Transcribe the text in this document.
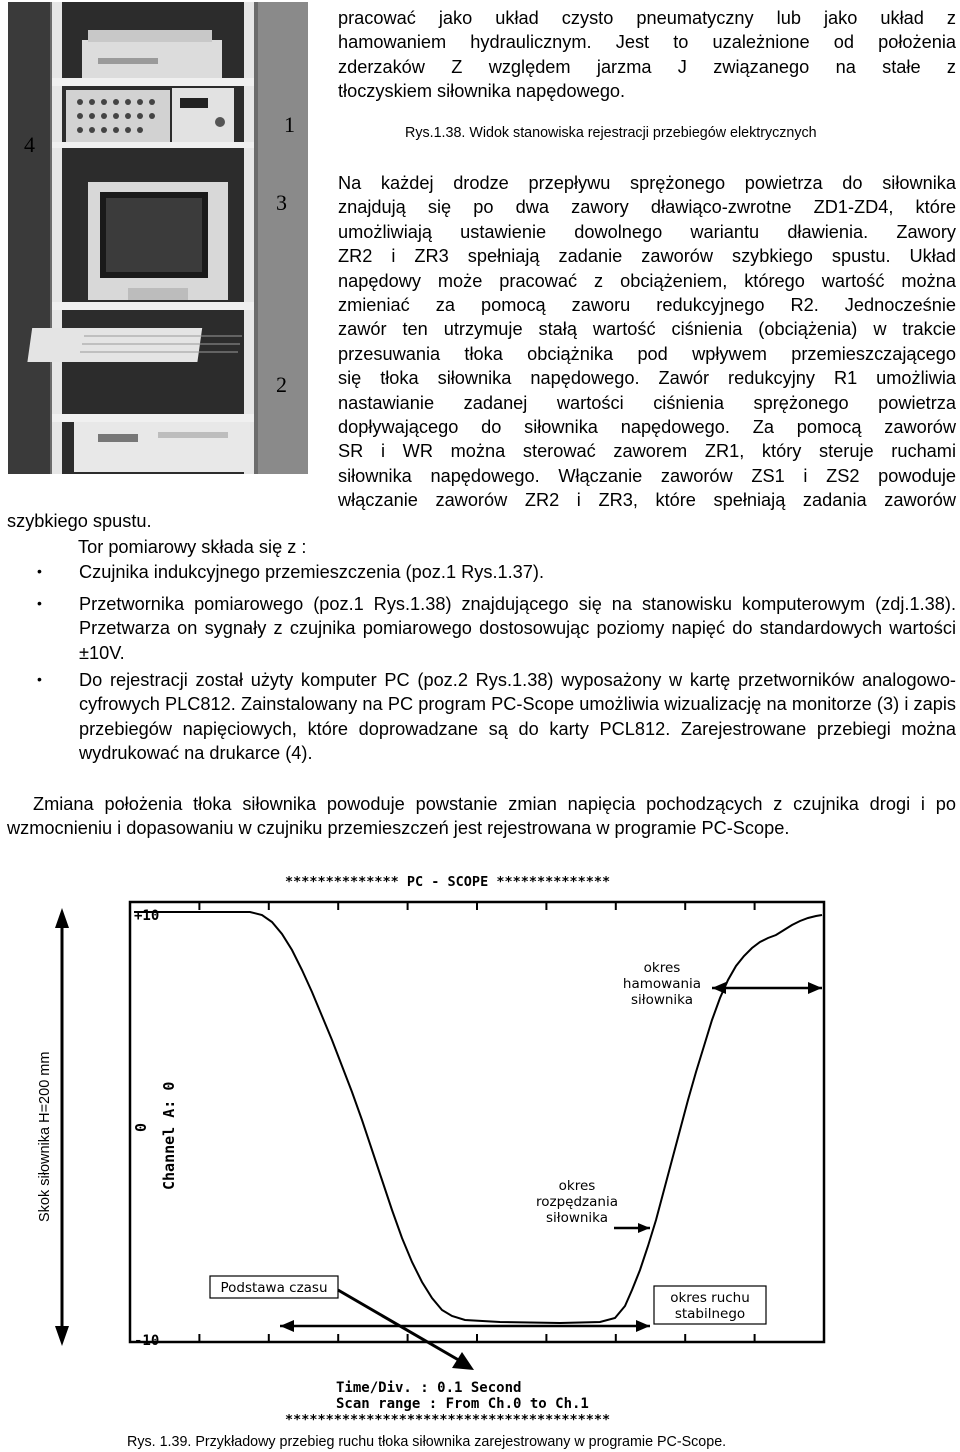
4
1
3
2
pracować jako układ czysto pneumatyczny lub jako układ z
hamowaniem hydraulicznym. Jest to uzależnione od położenia
zderzaków Z względem jarzma J związanego na stałe z
tłoczyskiem siłownika napędowego.
Rys.1.38. Widok stanowiska rejestracji przebiegów elektrycznych
Na każdej drodze przepływu sprężonego powietrza do siłownika
znajdują się po dwa zawory dławiąco-zwrotne ZD1-ZD4, które
umożliwiają ustawienie dowolnego wariantu dławienia. Zawory
ZR2 i ZR3 spełniają zadanie zaworów szybkiego spustu. Układ
napędowy może pracować z obciążeniem, którego wartość można
zmieniać za pomocą zaworu redukcyjnego R2. Jednocześnie
zawór ten utrzymuje stałą wartość ciśnienia (obciążenia) w trakcie
przesuwania tłoka obciążnika pod wpływem przemieszczającego
się tłoka siłownika napędowego. Zawór redukcyjny R1 umożliwia
nastawianie zadanej wartości ciśnienia sprężonego powietrza
dopływającego do siłownika napędowego. Za pomocą zaworów
SR i WR można sterować zaworem ZR1, który steruje ruchami
siłownika napędowego. Włączanie zaworów ZS1 i ZS2 powoduje
włączanie zaworów ZR2 i ZR3, które spełniają zadania zaworów
szybkiego spustu.
Tor pomiarowy składa się z :
• Czujnika indukcyjnego przemieszczenia (poz.1 Rys.1.37).
• Przetwornika pomiarowego (poz.1 Rys.1.38) znajdującego się na stanowisku komputerowym (zdj.1.38). Przetwarza on sygnały z czujnika pomiarowego dostosowując poziomy napięć do standardowych wartości ±10V.
• Do rejestracji został użyty komputer PC (poz.2 Rys.1.38) wyposażony w kartę przetworników analogowo-cyfrowych PLC812. Zainstalowany na PC program PC-Scope umożliwia wizualizację na monitorze (3) i zapis przebiegów napięciowych, które doprowadzane są do karty PCL812. Zarejestrowane przebiegi można wydrukować na drukarce (4).
Zmiana położenia tłoka siłownika powoduje powstanie zmian napięcia pochodzących z czujnika drogi i po wzmocnieniu i dopasowaniu w czujniku przemieszczeń jest rejestrowana w programie PC-Scope.
************** PC - SCOPE **************
+10
-10
Channel A: 0
0
Skok siłownika H=200 mm
okres
hamowania
siłownika
okres
rozpędzania
siłownika
Podstawa czasu
okres ruchu
stabilnego
Time/Div. : 0.1 Second
Scan range : From Ch.0 to Ch.1
****************************************
Rys. 1.39. Przykładowy przebieg ruchu tłoka siłownika zarejestrowany w programie PC-Scope.
